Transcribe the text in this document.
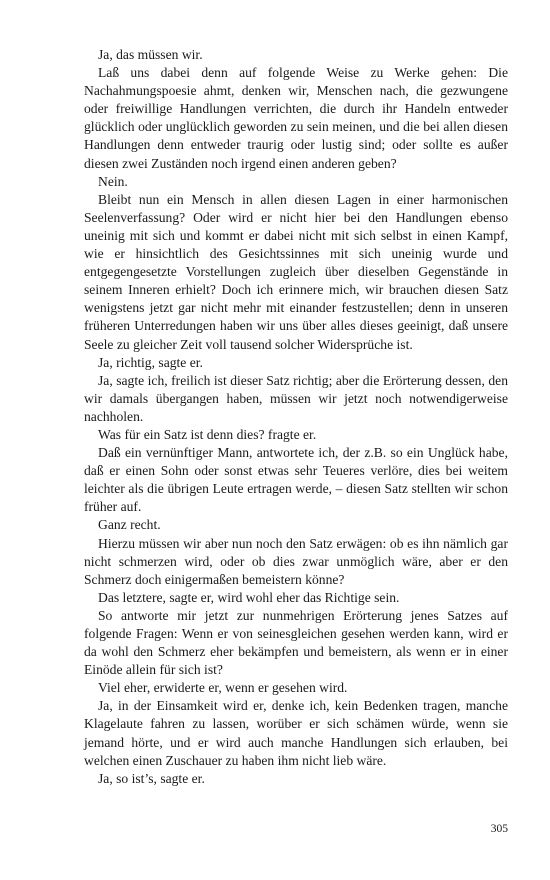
Ja, das müssen wir.

Laß uns dabei denn auf folgende Weise zu Werke gehen: Die Nachahmungspoesie ahmt, denken wir, Menschen nach, die gezwungene oder freiwillige Handlungen verrichten, die durch ihr Handeln entweder glücklich oder unglücklich geworden zu sein meinen, und die bei allen diesen Handlungen denn entweder traurig oder lustig sind; oder sollte es außer diesen zwei Zuständen noch irgend einen anderen geben?

Nein.

Bleibt nun ein Mensch in allen diesen Lagen in einer harmonischen Seelenverfassung? Oder wird er nicht hier bei den Handlungen ebenso uneinig mit sich und kommt er dabei nicht mit sich selbst in einen Kampf, wie er hinsichtlich des Gesichtssinnes mit sich uneinig wurde und entgegengesetzte Vorstellungen zugleich über dieselben Gegenstände in seinem Inneren erhielt? Doch ich erinnere mich, wir brauchen diesen Satz wenigstens jetzt gar nicht mehr mit einander festzustellen; denn in unseren früheren Unterredungen haben wir uns über alles dieses geeinigt, daß unsere Seele zu gleicher Zeit voll tausend solcher Widersprüche ist.

Ja, richtig, sagte er.

Ja, sagte ich, freilich ist dieser Satz richtig; aber die Erörterung dessen, den wir damals übergangen haben, müssen wir jetzt noch notwendigerweise nachholen.

Was für ein Satz ist denn dies? fragte er.

Daß ein vernünftiger Mann, antwortete ich, der z.B. so ein Unglück habe, daß er einen Sohn oder sonst etwas sehr Teueres verlöre, dies bei weitem leichter als die übrigen Leute ertragen werde, – diesen Satz stellten wir schon früher auf.

Ganz recht.

Hierzu müssen wir aber nun noch den Satz erwägen: ob es ihn nämlich gar nicht schmerzen wird, oder ob dies zwar unmöglich wäre, aber er den Schmerz doch einigermaßen bemeistern könne?

Das letztere, sagte er, wird wohl eher das Richtige sein.

So antworte mir jetzt zur nunmehrigen Erörterung jenes Satzes auf folgende Fragen: Wenn er von seinesgleichen gesehen werden kann, wird er da wohl den Schmerz eher bekämpfen und bemeistern, als wenn er in einer Einöde allein für sich ist?

Viel eher, erwiderte er, wenn er gesehen wird.

Ja, in der Einsamkeit wird er, denke ich, kein Bedenken tragen, manche Klagelaute fahren zu lassen, worüber er sich schämen würde, wenn sie jemand hörte, und er wird auch manche Handlungen sich erlauben, bei welchen einen Zuschauer zu haben ihm nicht lieb wäre.

Ja, so ist’s, sagte er.

305
